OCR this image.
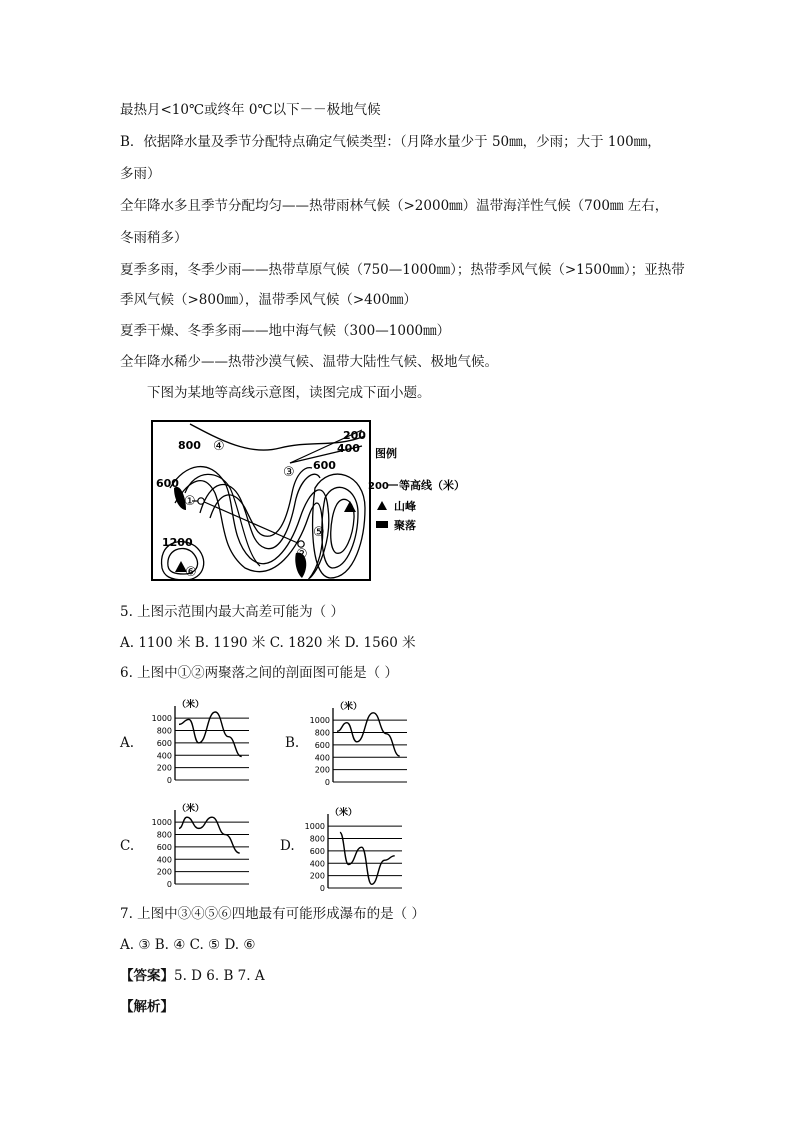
最热月<10℃或终年 0℃以下－－极地气候
B．依据降水量及季节分配特点确定气候类型：（月降水量少于 50㎜，少雨；大于 100㎜，
多雨）
全年降水多且季节分配均匀——热带雨林气候（>2000㎜）温带海洋性气候（700㎜ 左右，
冬雨稍多）
夏季多雨，冬季少雨——热带草原气候（750—1000㎜）；热带季风气候（>1500㎜）；亚热带
季风气候（>800㎜），温带季风气候（>400㎜）
夏季干燥、冬季多雨——地中海气候（300—1000㎜）
全年降水稀少——热带沙漠气候、温带大陆性气候、极地气候。
下图为某地等高线示意图，读图完成下面小题。
800
200
400
600
600
1200
①
②
③
④
⑤
⑥
图例
200 等高线（米）
山峰
聚落
5. 上图示范围内最大高差可能为（ ）
A. 1100 米 B. 1190 米 C. 1820 米 D. 1560 米
6. 上图中①②两聚落之间的剖面图可能是（ ）
A.	B.
C.	D.
1000
800
600
400
200
0
（米）
1000
800
600
400
200
0
（米）
1000
800
600
400
200
0
（米）
1000
800
600
400
200
0
（米）
7. 上图中③④⑤⑥四地最有可能形成瀑布的是（ ）
A. ③ B. ④ C. ⑤ D. ⑥
【答案】5. D 6. B 7. A
【解析】
